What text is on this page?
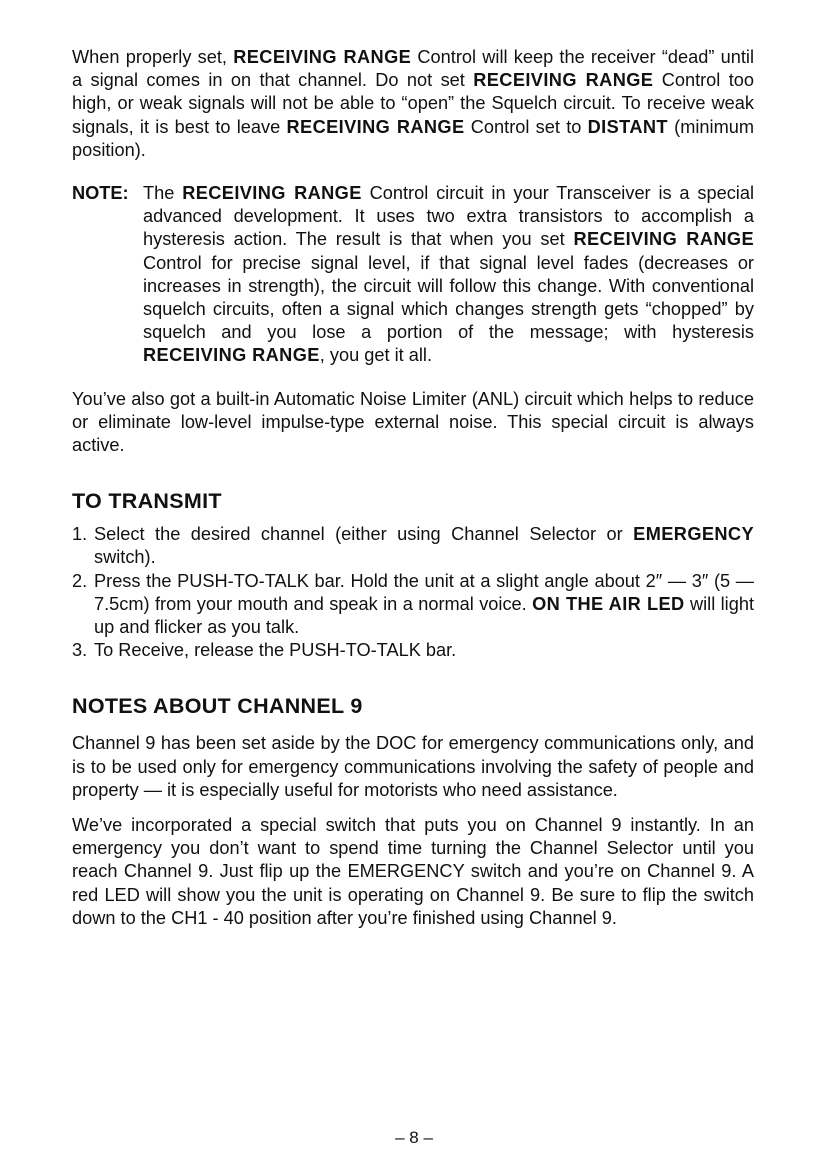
When properly set, RECEIVING RANGE Control will keep the receiver “dead” until a signal comes in on that channel. Do not set RECEIVING RANGE Control too high, or weak signals will not be able to “open” the Squelch circuit. To receive weak signals, it is best to leave RECEIVING RANGE Control set to DISTANT (minimum position).

NOTE: The RECEIVING RANGE Control circuit in your Transceiver is a special advanced development. It uses two extra transistors to accomplish a hysteresis action. The result is that when you set RECEIVING RANGE Control for precise signal level, if that signal level fades (decreases or increases in strength), the circuit will follow this change. With conventional squelch circuits, often a signal which changes strength gets “chopped” by squelch and you lose a portion of the message; with hysteresis RECEIVING RANGE, you get it all.

You’ve also got a built-in Automatic Noise Limiter (ANL) circuit which helps to reduce or eliminate low-level impulse-type external noise. This special circuit is always active.

TO TRANSMIT
1. Select the desired channel (either using Channel Selector or EMERGENCY switch).
2. Press the PUSH-TO-TALK bar. Hold the unit at a slight angle about 2″ — 3″ (5 — 7.5cm) from your mouth and speak in a normal voice. ON THE AIR LED will light up and flicker as you talk.
3. To Receive, release the PUSH-TO-TALK bar.
NOTES ABOUT CHANNEL 9

Channel 9 has been set aside by the DOC for emergency communications only, and is to be used only for emergency communications involving the safety of people and property — it is especially useful for motorists who need assistance.

We’ve incorporated a special switch that puts you on Channel 9 instantly. In an emergency you don’t want to spend time turning the Channel Selector until you reach Channel 9. Just flip up the EMERGENCY switch and you’re on Channel 9. A red LED will show you the unit is operating on Channel 9. Be sure to flip the switch down to the CH1 - 40 position after you’re finished using Channel 9.

– 8 –
